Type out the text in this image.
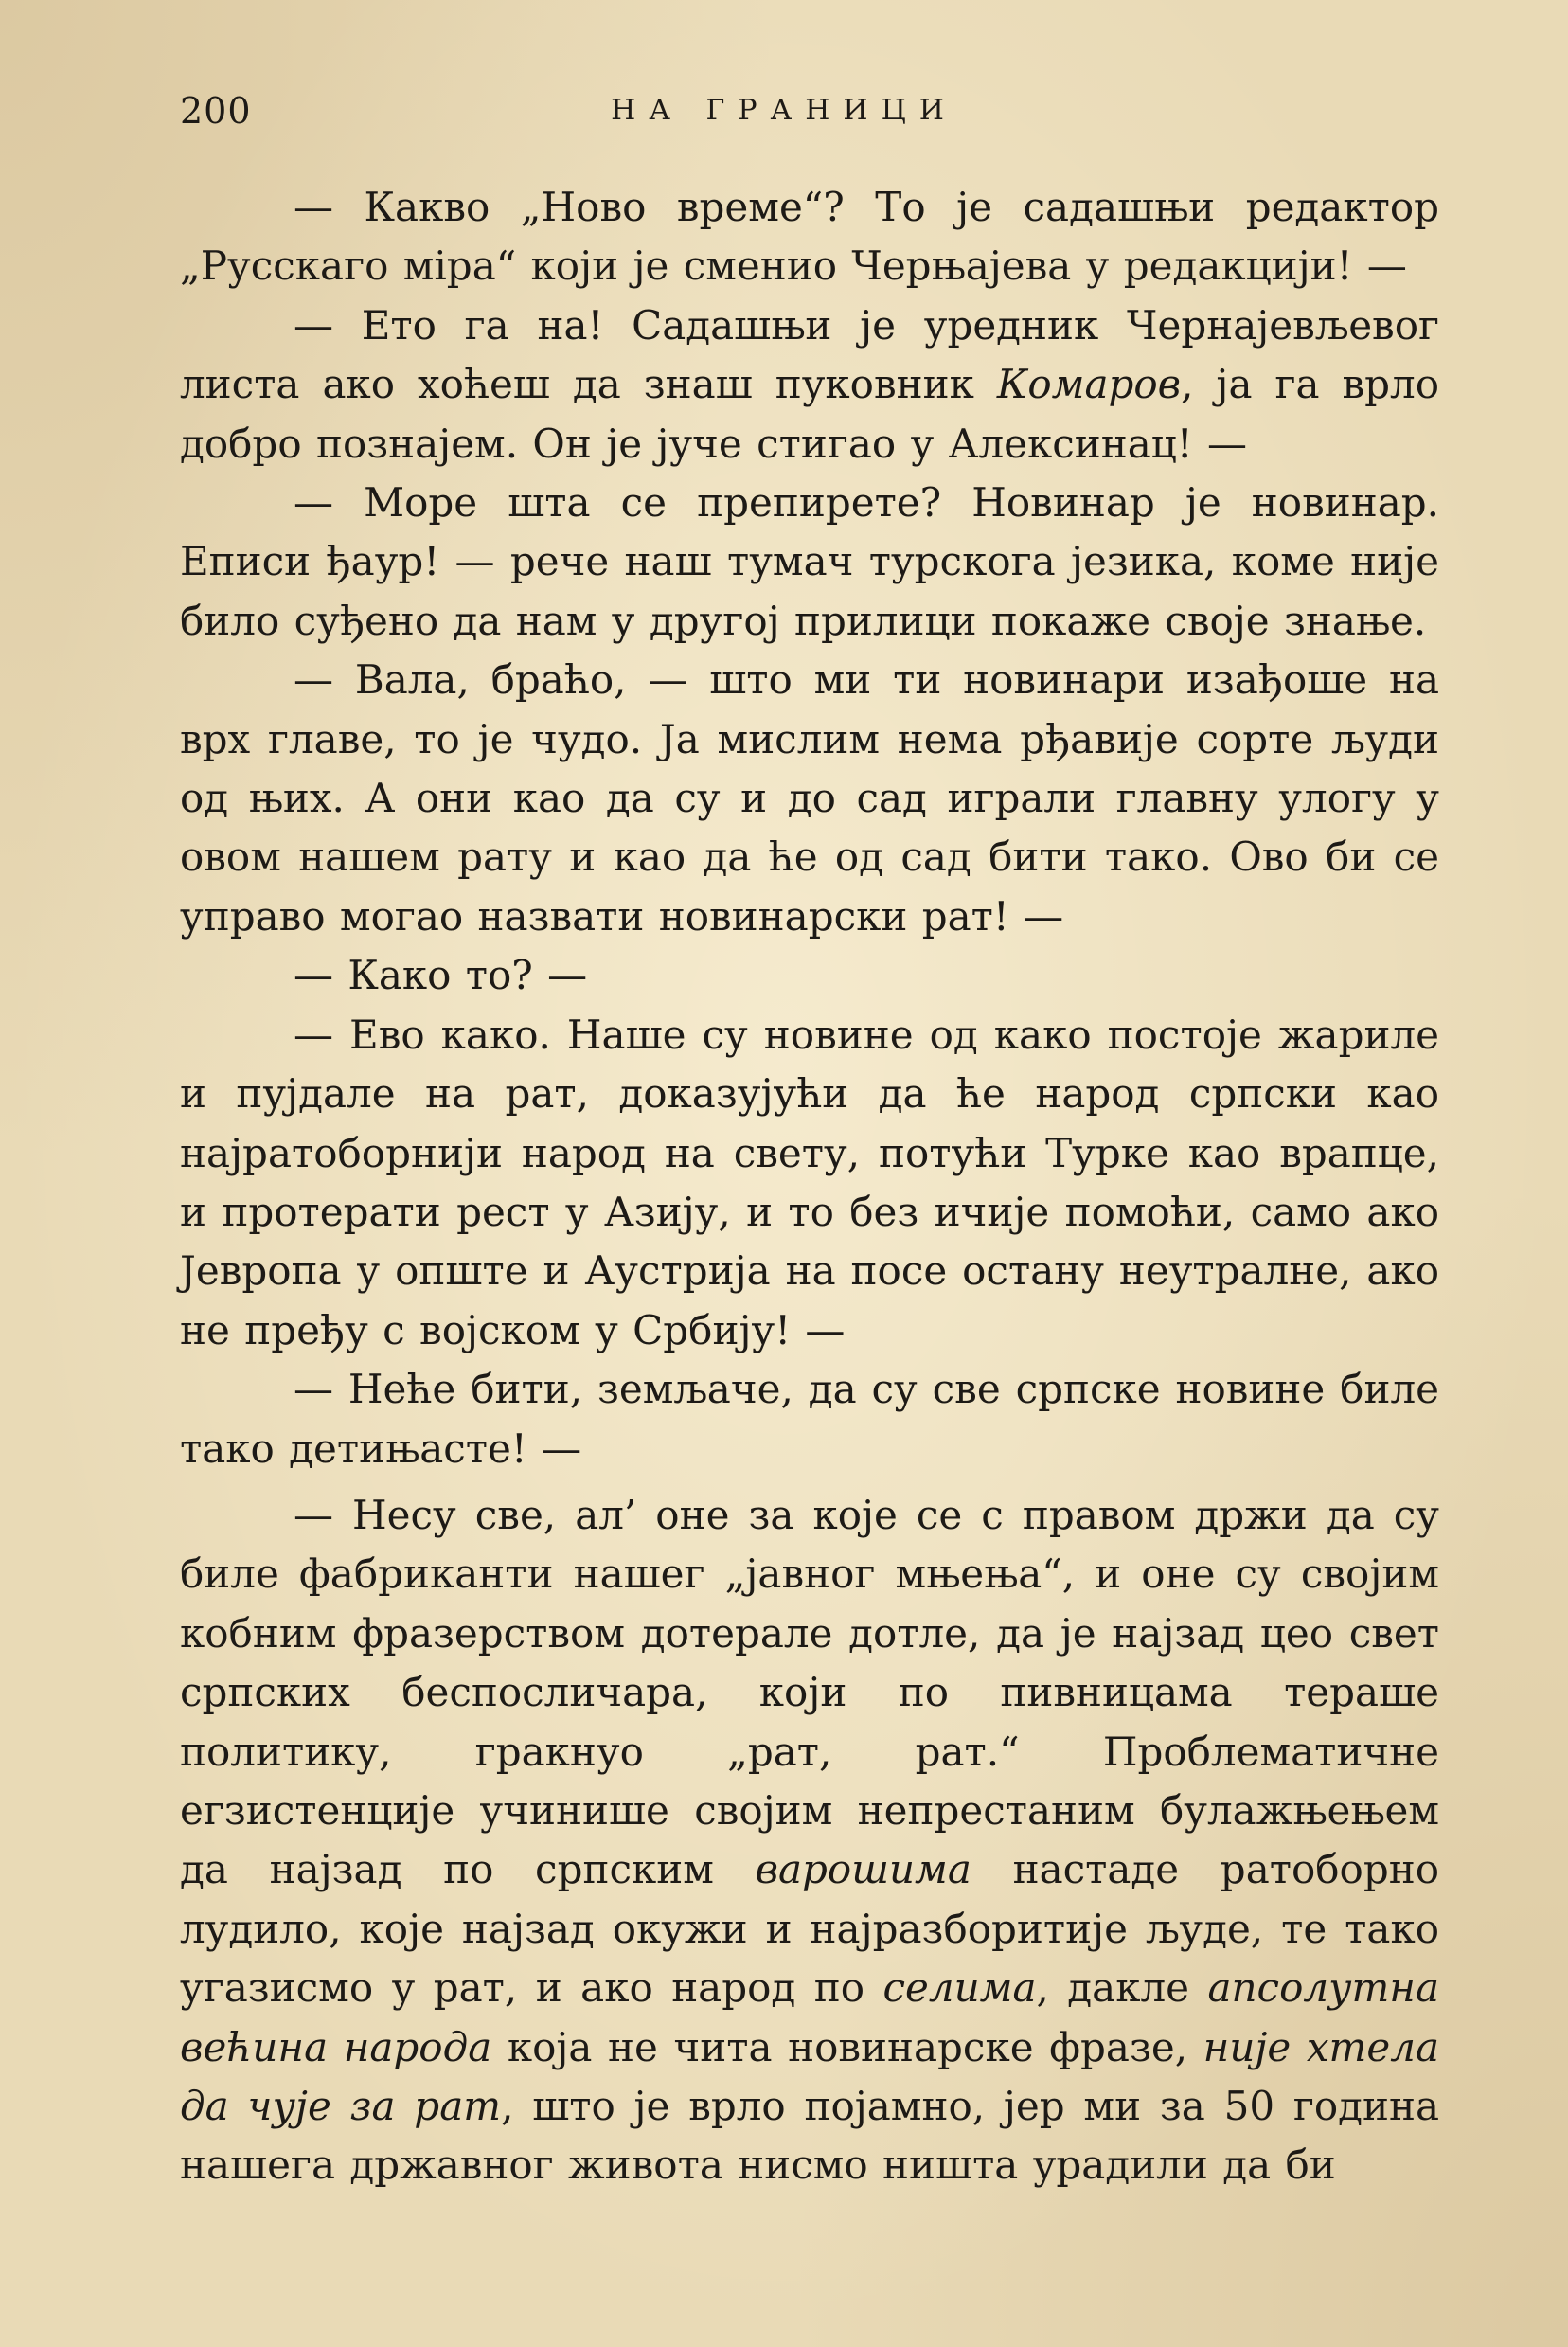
200	НА ГРАНИЦИ

— Какво „Ново време“? То је садашњи редактор „Русскаго міра“ који је сменио Черњајева у редакцији! —

— Ето га на! Садашњи је уредник Чернајевљевог листа ако хоћеш да знаш пуковник Комаров, ја га врло добро познајем. Он је јуче стигао у Алексинац! —

— Море шта се препирете? Новинар је новинар. Еписи ђаур! — рече наш тумач турскога језика, коме није било суђено да нам у другој прилици покаже своје знање.

— Вала, браћо, — што ми ти новинари изађоше на врх главе, то је чудо. Ја мислим нема рђавије сорте људи од њих. А они као да су и до сад играли главну улогу у овом нашем рату и као да ће од сад бити тако. Ово би се управо могао назвати новинарски рат! —

— Како то? —

— Ево како. Наше су новине од како постоје жариле и пујдале на рат, доказујући да ће народ српски као најратоборнији народ на свету, потући Турке као врапце, и протерати рест у Азију, и то без ичије помоћи, само ако Јевропа у опште и Аустрија на посе остану неутралне, ако не пређу с војском у Србију! —

— Неће бити, земљаче, да су све српске новине биле тако детињасте! —

— Несу све, ал’ оне за које се с правом држи да су биле фабриканти нашег „јавног мњења“, и оне су својим кобним фразерством дотерале дотле, да је најзад цео свет српских беспосличара, који по пивницама тераше политику, гракнуо „рат, рат.“ Проблематичне егзистенције учинише својим непрестаним булажњењем да најзад по српским варошима настаде ратоборно лудило, које најзад окужи и најразборитије људе, те тако угазисмо у рат, и ако народ по селима, дакле апсолутна већина народа која не чита новинарске фразе, није хтела да чује за рат, што је врло појамно, јер ми за 50 година нашега државног живота нисмо ништа урадили да би
